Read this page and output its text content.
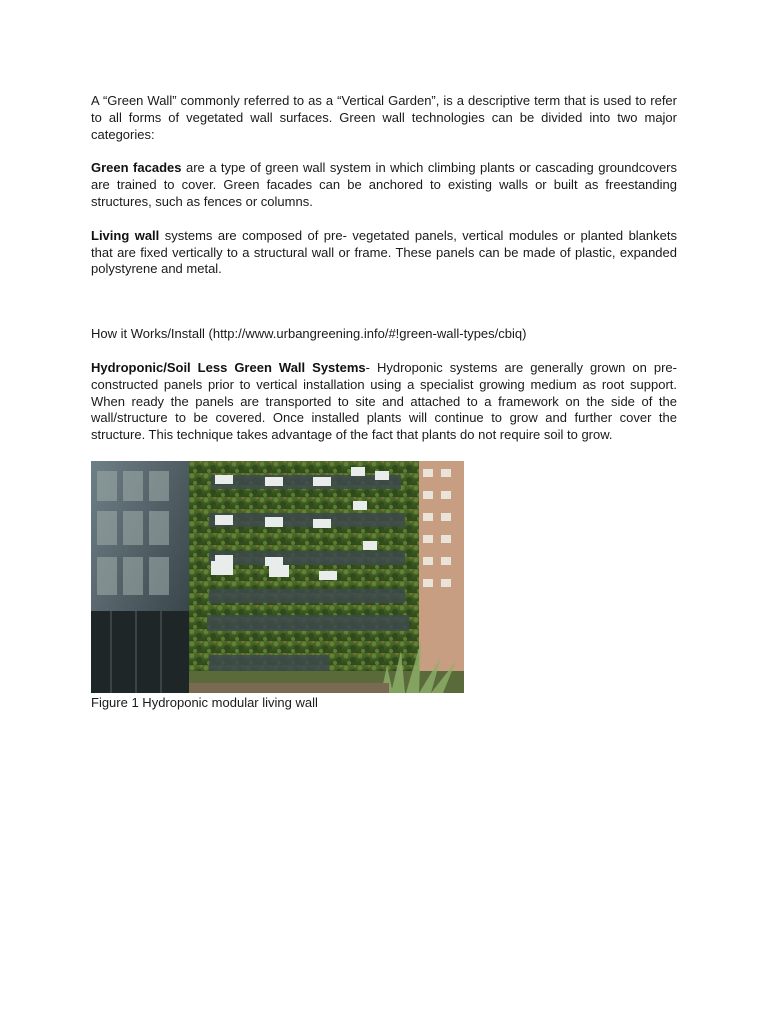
A “Green Wall” commonly referred to as a “Vertical Garden”, is a descriptive term that is used to refer to all forms of vegetated wall surfaces. Green wall technologies can be divided into two major categories:

Green facades are a type of green wall system in which climbing plants or cascading groundcovers are trained to cover. Green facades can be anchored to existing walls or built as freestanding structures, such as fences or columns.

Living wall systems are composed of pre- vegetated panels, vertical modules or planted blankets that are fixed vertically to a structural wall or frame. These panels can be made of plastic, expanded polystyrene and metal.

How it Works/Install (http://www.urbangreening.info/#!green-wall-types/cbiq)

Hydroponic/Soil Less Green Wall Systems- Hydroponic systems are generally grown on pre-constructed panels prior to vertical installation using a specialist growing medium as root support. When ready the panels are transported to site and attached to a framework on the side of the wall/structure to be covered. Once installed plants will continue to grow and further cover the structure. This technique takes advantage of the fact that plants do not require soil to grow.

Figure 1 Hydroponic modular living wall
